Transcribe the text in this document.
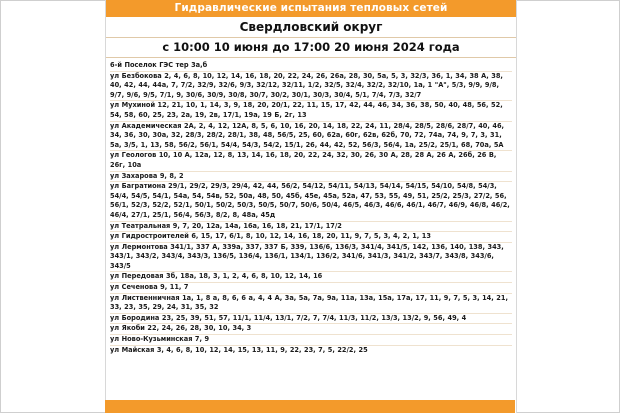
Гидравлические испытания тепловых сетей
Свердловский округ
с 10:00 10 июня до 17:00 20 июня 2024 года

6-й Поселок ГЭС тер 3а,б

ул Безбокова 2, 4, 6, 8, 10, 12, 14, 16, 18, 20, 22, 24, 26, 26а, 28, 30, 5а, 5, 3, 32/3, 36, 1, 34, 38 А, 38, 40, 42, 44, 44а, 7, 7/2, 32/9, 32/6, 9/3, 32/12, 32/11, 1/2, 32/5, 32/4, 32/2, 32/10, 1а, 1 "А", 5/3, 9/9, 9/8, 9/7, 9/6, 9/5, 7/1, 9, 30/6, 30/9, 30/8, 30/7, 30/2, 30/1, 30/3, 30/4, 5/1, 7/4, 7/3, 32/7

ул Мухиной 12, 21, 10, 1, 14, 3, 9, 18, 20, 20/1, 22, 11, 15, 17, 42, 44, 46, 34, 36, 38, 50, 40, 48, 56, 52, 54, 58, 60, 25, 23, 2а, 19, 2в, 17/1, 19а, 19 Б, 2г, 13

ул Академическая 2А, 2, 4, 12, 12А, 8, 5, 6, 10, 16, 20, 14, 18, 22, 24, 11, 28/4, 28/5, 28/6, 28/7, 40, 46, 34, 36, 30, 30а, 32, 28/3, 28/2, 28/1, 38, 48, 56/5, 25, 60, 62а, 60г, 62в, 62б, 70, 72, 74а, 74, 9, 7, 3, 31, 5а, 3/5, 1, 13, 58, 56/2, 56/1, 54/4, 54/3, 54/2, 15/1, 26, 44, 42, 52, 56/3, 56/4, 1а, 25/2, 25/1, 68, 70а, 5А

ул Геологов 10, 10 А, 12а, 12, 8, 13, 14, 16, 18, 20, 22, 24, 32, 30, 26, 30 А, 28, 28 А, 26 А, 26б, 26 В, 26г, 10а

ул Захарова 9, 8, 2

ул Багратиона 29/1, 29/2, 29/3, 29/4, 42, 44, 56/2, 54/12, 54/11, 54/13, 54/14, 54/15, 54/10, 54/8, 54/3, 54/4, 54/5, 54/1, 54а, 54, 54в, 52, 50а, 48, 50, 45б, 45е, 45а, 52а, 47, 53, 55, 49, 51, 25/2, 25/3, 27/2, 56, 56/1, 52/3, 52/2, 52/1, 50/1, 50/2, 50/3, 50/5, 50/7, 50/6, 50/4, 46/5, 46/3, 46/6, 46/1, 46/7, 46/9, 46/8, 46/2, 46/4, 27/1, 25/1, 56/4, 56/3, 8/2, 8, 48а, 45д

ул Театральная 9, 7, 20, 12а, 14а, 16а, 16, 18, 21, 17/1, 17/2

ул Гидростроителей 6, 15, 17, 6/1, 8, 10, 12, 14, 16, 18, 20, 11, 9, 7, 5, 3, 4, 2, 1, 13

ул Лермонтова 341/1, 337 А, 339а, 337, 337 Б, 339, 136/6, 136/3, 341/4, 341/5, 142, 136, 140, 138, 343, 343/1, 343/2, 343/4, 343/3, 136/5, 136/4, 136/1, 134/1, 136/2, 341/6, 341/3, 341/2, 343/7, 343/8, 343/6, 343/5

ул Передовая 3б, 18а, 18, 3, 1, 2, 4, 6, 8, 10, 12, 14, 16

ул Сеченова 9, 11, 7

ул Лиственничная 1а, 1, 8 а, 8, 6, 6 а, 4, 4 А, 3а, 5а, 7а, 9а, 11а, 13а, 15а, 17а, 17, 11, 9, 7, 5, 3, 14, 21, 33, 23, 35, 29, 24, 31, 35, 32

ул Бородина 23, 25, 39, 51, 57, 11/1, 11/4, 13/1, 7/2, 7, 7/4, 11/3, 11/2, 13/3, 13/2, 9, 56, 49, 4

ул Якоби 22, 24, 26, 28, 30, 10, 34, 3

ул Ново-Кузьминская 7, 9

ул Майская 3, 4, 6, 8, 10, 12, 14, 15, 13, 11, 9, 22, 23, 7, 5, 22/2, 25
